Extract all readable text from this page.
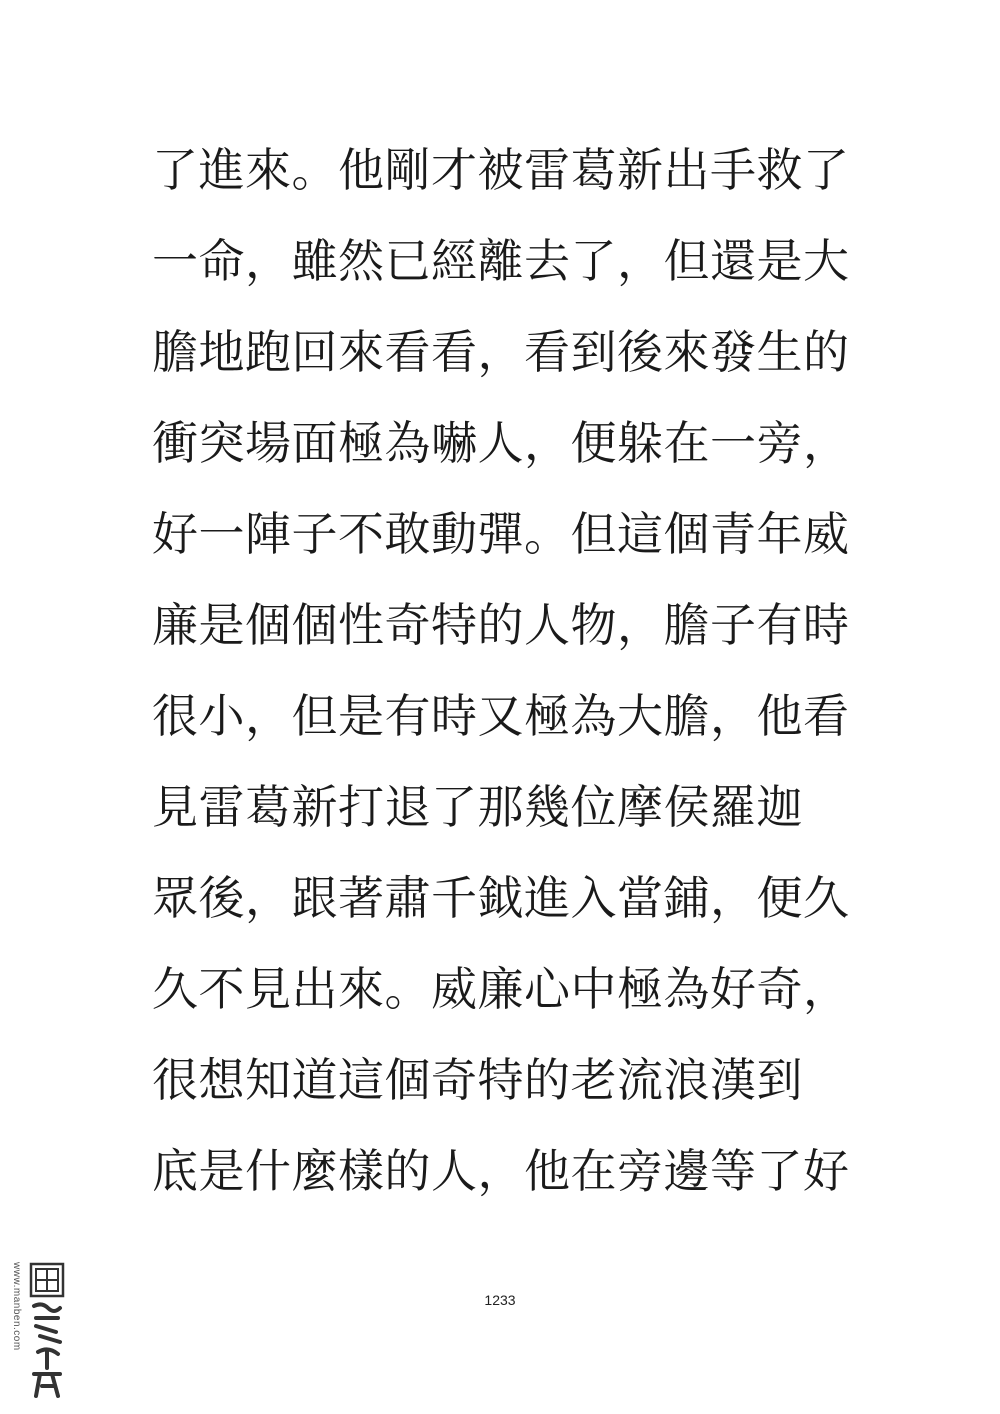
了進來。他剛才被雷葛新出手救了
一命，雖然已經離去了，但還是大
膽地跑回來看看，看到後來發生的
衝突場面極為嚇人，便躲在一旁，
好一陣子不敢動彈。但這個青年威
廉是個個性奇特的人物，膽子有時
很小，但是有時又極為大膽，他看
見雷葛新打退了那幾位摩侯羅迦
眾後，跟著肅千鉞進入當鋪，便久
久不見出來。威廉心中極為好奇，
很想知道這個奇特的老流浪漢到
底是什麼樣的人，他在旁邊等了好
1233
www.manben.com
